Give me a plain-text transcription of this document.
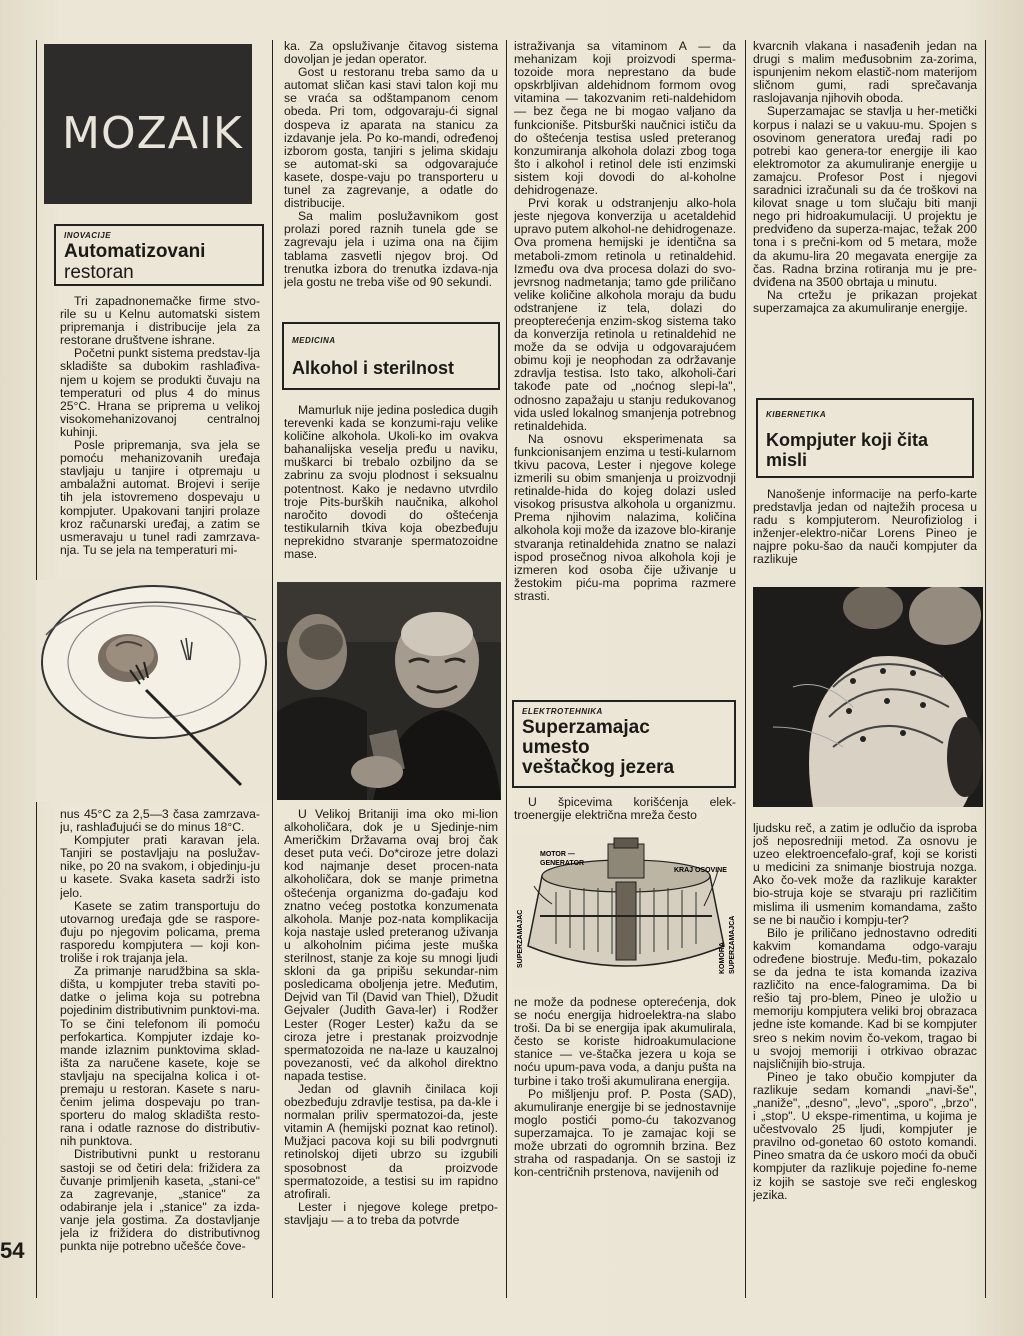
MOZAIK
INOVACIJE
Automatizovani
restoran

Tri zapadnonemačke firme stvo-rile su u Kelnu automatski sistem pripremanja i distribucije jela za restorane društvene ishrane.

Početni punkt sistema predstav-lja skladište sa dubokim rashlađiva-njem u kojem se produkti čuvaju na temperaturi od plus 4 do minus 25°C. Hrana se priprema u velikoj visokomehanizovanoj centralnoj kuhinji.

Posle pripremanja, sva jela se pomoću mehanizovanih uređaja stavljaju u tanjire i otpremaju u ambalažni automat. Brojevi i serije tih jela istovremeno dospevaju u kompjuter. Upakovani tanjiri prolaze kroz računarski uređaj, a zatim se usmeravaju u tunel radi zamrzava-nja. Tu se jela na temperaturi mi-

nus 45°C za 2,5—3 časa zamrzava-ju, rashlađujući se do minus 18°C.

Kompjuter prati karavan jela. Tanjiri se postavljaju na poslužav-nike, po 20 na svakom, i objedinju-ju u kasete. Svaka kaseta sadrži isto jelo.

Kasete se zatim transportuju do utovarnog uređaja gde se raspore-đuju po njegovim policama, prema rasporedu kompjutera — koji kon-troliše i rok trajanja jela.

Za primanje narudžbina sa skla-dišta, u kompjuter treba staviti po-datke o jelima koja su potrebna pojedinim distributivnim punktovi-ma. To se čini telefonom ili pomoću perfokartica. Kompjuter izdaje ko-mande izlaznim punktovima sklad-išta za naručene kasete, koje se stavljaju na specijalna kolica i ot-premaju u restoran. Kasete s naru-čenim jelima dospevaju po tran-sporteru do malog skladišta resto-rana i odatle raznose do distributiv-nih punktova.

Distributivni punkt u restoranu sastoji se od četiri dela: frižidera za čuvanje primljenih kaseta, „stani-ce" za zagrevanje, „stanice" za odabiranje jela i „stanice" za izda-vanje jela gostima. Za dostavljanje jela iz frižidera do distributivnog punkta nije potrebno učešće čove-

54

ka. Za opsluživanje čitavog sistema dovoljan je jedan operator.

Gost u restoranu treba samo da u automat sličan kasi stavi talon koji mu se vraća sa odštampanom cenom obeda. Pri tom, odgovaraju-ći signal dospeva iz aparata na stanicu za izdavanje jela. Po ko-mandi, određenoj izborom gosta, tanjiri s jelima skidaju se automat-ski sa odgovarajuće kasete, dospe-vaju po transporteru u tunel za zagrevanje, a odatle do distribucije.

Sa malim poslužavnikom gost prolazi pored raznih tunela gde se zagrevaju jela i uzima ona na čijim tablama zasvetli njegov broj. Od trenutka izbora do trenutka izdava-nja jela gostu ne treba više od 90 sekundi.

MEDICINA
Alkohol i sterilnost

Mamurluk nije jedina posledica dugih terevenki kada se konzumi-raju velike količine alkohola. Ukoli-ko im ovakva bahanalijska veselja pređu u naviku, muškarci bi trebalo ozbiljno da se zabrinu za svoju plodnost i seksualnu potentnost. Kako je nedavno utvrdilo troje Pits-burških naučnika, alkohol naročito dovodi do oštećenja testikularnih tkiva koja obezbeđuju neprekidno stvaranje spermatozoidne mase.

U Velikoj Britaniji ima oko mi-lion alkoholičara, dok je u Sjedinje-nim Američkim Državama ovaj broj čak deset puta veći. Do*ciroze jetre dolazi kod najmanje deset procen-nata alkoholičara, dok se manje primetna oštećenja organizma do-gađaju kod znatno većeg postotka konzumenata alkohola. Manje poz-nata komplikacija koja nastaje usled preteranog uživanja u alkoholnim pićima jeste muška sterilnost, stanje za koje su mnogi ljudi skloni da ga pripišu sekundar-nim posledicama oboljenja jetre. Međutim, Dejvid van Til (David van Thiel), Džudit Gejvaler (Judith Gava-ler) i Rodžer Lester (Roger Lester) kažu da se ciroza jetre i prestanak proizvodnje spermatozoida ne na-laze u kauzalnoj povezanosti, već da alkohol direktno napada testise.

Jedan od glavnih činilaca koji obezbeđuju zdravlje testisa, pa da-kle i normalan priliv spermatozoi-da, jeste vitamin A (hemijski poznat kao retinol). Mužjaci pacova koji su bili podvrgnuti retinolskoj dijeti ubrzo su izgubili sposobnost da proizvode spermatozoide, a testisi su im rapidno atrofirali.

Lester i njegove kolege pretpo-stavljaju — a to treba da potvrde

istraživanja sa vitaminom A — da mehanizam koji proizvodi sperma-tozoide mora neprestano da bude opskrbljivan aldehidnom formom ovog vitamina — takozvanim reti-naldehidom — bez čega ne bi mogao valjano da funkcioniše. Pitsburški naučnici ističu da do oštećenja testisa usled preteranog konzumiranja alkohola dolazi zbog toga što i alkohol i retinol dele isti enzimski sistem koji dovodi do al-koholne dehidrogenaze.

Prvi korak u odstranjenju alko-hola jeste njegova konverzija u acetaldehid upravo putem alkohol-ne dehidrogenaze. Ova promena hemijski je identična sa metaboli-zmom retinola u retinaldehid. Između ova dva procesa dolazi do svo-jevrsnog nadmetanja; tamo gde priličano velike količine alkohola moraju da budu odstranjene iz tela, dolazi do preopterećenja enzim-skog sistema tako da konverzija retinola u retinaldehid ne može da se odvija u odgovarajućem obimu koji je neophodan za održavanje zdravlja testisa. Isto tako, alkoholi-čari takođe pate od „noćnog slepi-la", odnosno zapažaju u stanju redukovanog vida usled lokalnog smanjenja potrebnog retinaldehida.

Na osnovu eksperimenata sa funkcionisanjem enzima u testi-kularnom tkivu pacova, Lester i njegove kolege izmerili su obim smanjenja u proizvodnji retinalde-hida do kojeg dolazi usled visokog prisustva alkohola u organizmu. Prema njihovim nalazima, količina alkohola koji može da izazove blo-kiranje stvaranja retinaldehida znatno se nalazi ispod prosečnog nivoa alkohola koji je izmeren kod osoba čije uživanje u žestokim piću-ma poprima razmere strasti.

ELEKTROTEHNIKA
Superzamajac
umesto
veštačkog jezera

U špicevima korišćenja elek-troenergije električna mreža često

MOTOR —
GENERATOR
KRAJ OSOVINE
SUPERZAMAJAC	KOMORA SUPERZAMAJCA

ne može da podnese opterećenja, dok se noću energija hidroelektra-na slabo troši. Da bi se energija ipak akumulirala, često se koriste hidroakumulacione stanice — ve-štačka jezera u koja se noću upum-pava voda, a danju pušta na turbine i tako troši akumulirana energija.

Po mišljenju prof. P. Posta (SAD), akumuliranje energije bi se jednostavnije moglo postići pomo-ću takozvanog superzamajca. To je zamajac koji se može ubrzati do ogromnih brzina. Bez straha od raspadanja. On se sastoji iz kon-centričnih prstenova, navijenih od

kvarcnih vlakana i nasađenih jedan na drugi s malim međusobnim za-zorima, ispunjenim nekom elastič-nom materijom sličnom gumi, radi sprečavanja raslojavanja njihovih oboda.

Superzamajac se stavlja u her-metički korpus i nalazi se u vakuu-mu. Spojen s osovinom generatora uređaj radi po potrebi kao genera-tor energije ili kao elektromotor za akumuliranje energije u zamajcu. Profesor Post i njegovi saradnici izračunali su da će troškovi na kilovat snage u tom slučaju biti manji nego pri hidroakumulaciji. U projektu je predviđeno da superza-majac, težak 200 tona i s prečni-kom od 5 metara, može da akumu-lira 20 megavata energije za čas. Radna brzina rotiranja mu je pre-dviđena na 3500 obrtaja u minutu.

Na crtežu je prikazan projekat superzamajca za akumuliranje energije.

KIBERNETIKA
Kompjuter koji čita
misli

Nanošenje informacije na perfo-karte predstavlja jedan od najtežih procesa u radu s kompjuterom. Neurofiziolog i inženjer-elektro-ničar Lorens Pineo je najpre poku-šao da nauči kompjuter da razlikuje

ljudsku reč, a zatim je odlučio da isproba još neposredniji metod. Za osnovu je uzeo elektroencefalo-graf, koji se koristi u medicini za snimanje biostruja nozga. Ako čo-vek može da razlikuje karakter bio-struja koje se stvaraju pri različitim mislima ili usmenim komandama, zašto se ne bi naučio i kompju-ter?

Bilo je priličano jednostavno odrediti kakvim komandama odgo-varaju određene biostruje. Među-tim, pokazalo se da jedna te ista komanda izaziva različito na ence-falogramima. Da bi rešio taj pro-blem, Pineo je uložio u memoriju kompjutera veliki broj obrazaca jedne iste komande. Kad bi se kompjuter sreo s nekim novim čo-vekom, tragao bi u svojoj memoriji i otrkivao obrazac najsličnijih bio-struja.

Pineo je tako obučio kompjuter da razlikuje sedam komandi „navi-še", „naniže", „desno", „levo", „sporo", „brzo", i „stop". U ekspe-rimentima, u kojima je učestvovalo 25 ljudi, kompjuter je pravilno od-gonetao 60 ostoto komandi. Pineo smatra da će uskoro moći da obuči kompjuter da razlikuje pojedine fo-neme iz kojih se sastoje sve reči engleskog jezika.
